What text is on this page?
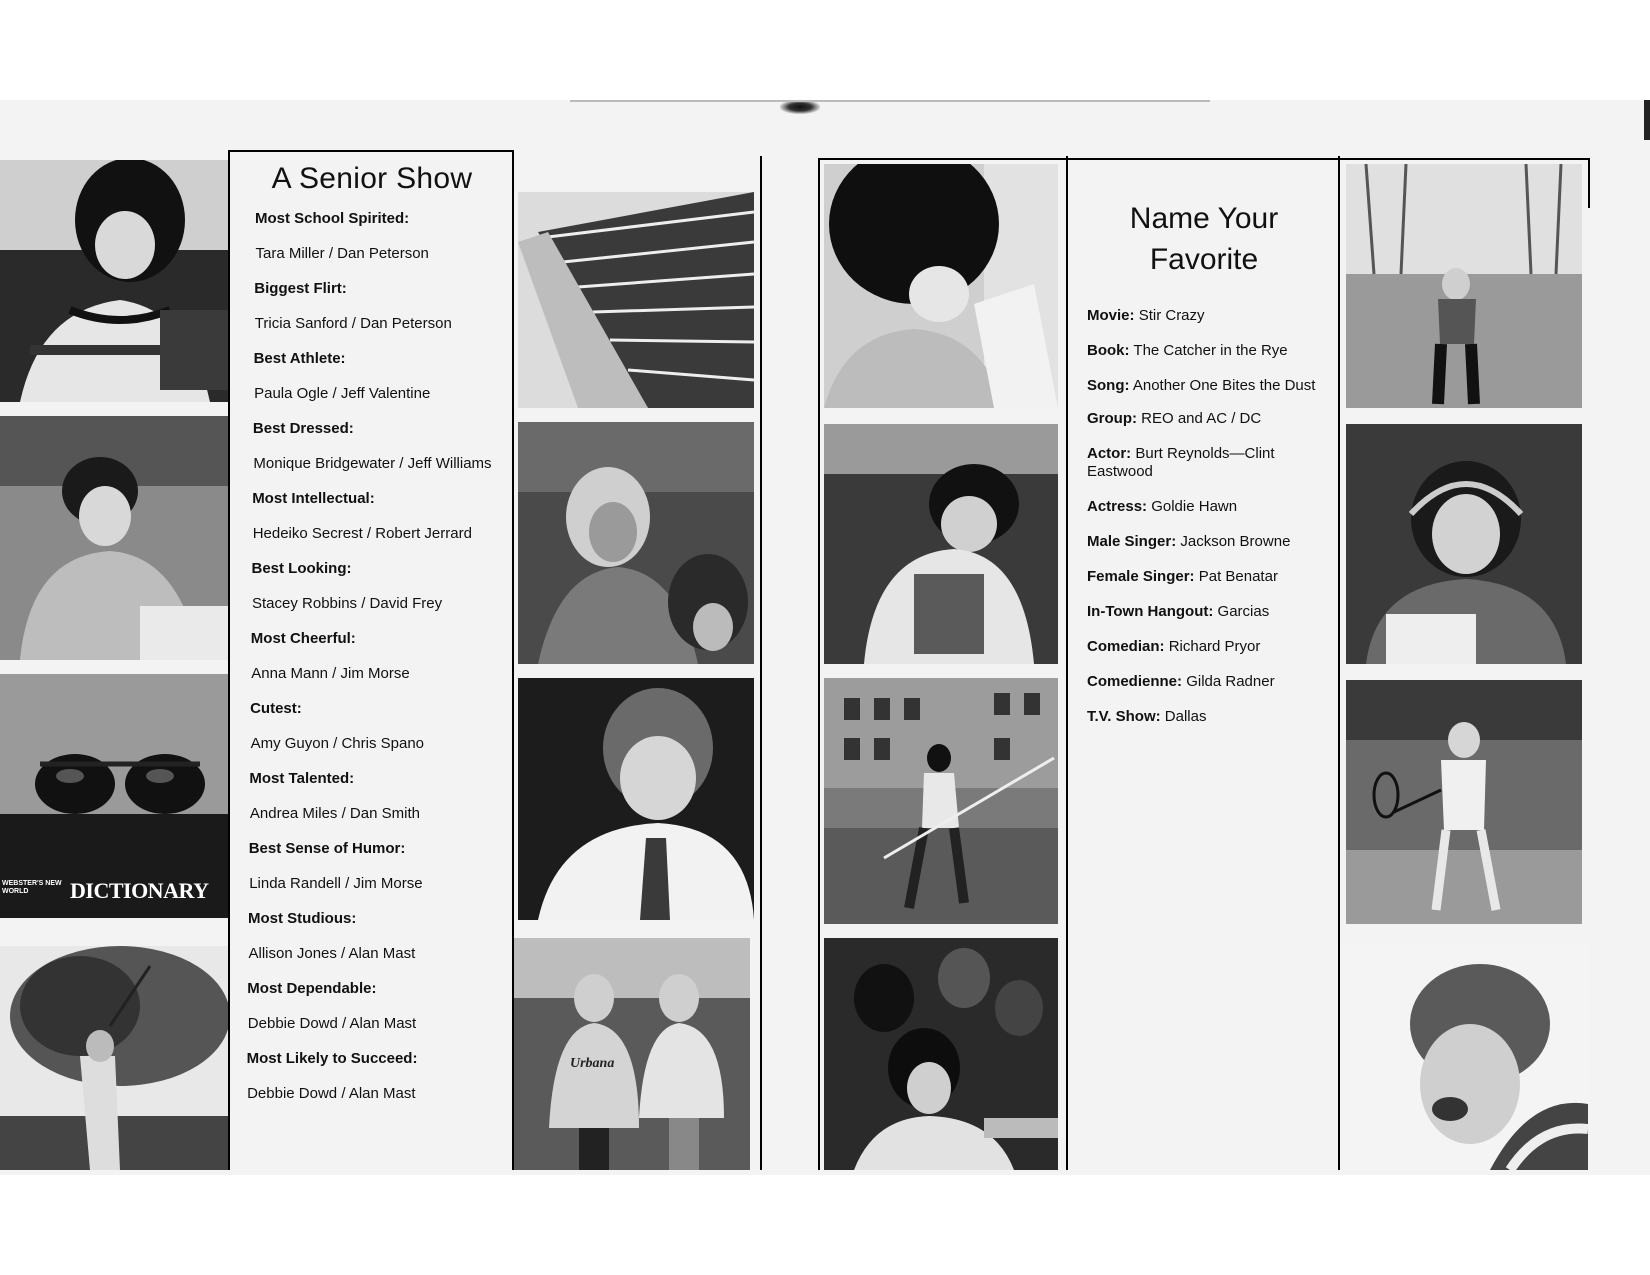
WEBSTER'S NEW WORLD	DICTIONARY
A Senior Show
Most School Spirited:
Tara Miller / Dan Peterson
Biggest Flirt:
Tricia Sanford / Dan Peterson
Best Athlete:
Paula Ogle / Jeff Valentine
Best Dressed:
Monique Bridgewater / Jeff Williams
Most Intellectual:
Hedeiko Secrest / Robert Jerrard
Best Looking:
Stacey Robbins / David Frey
Most Cheerful:
Anna Mann / Jim Morse
Cutest:
Amy Guyon / Chris Spano
Most Talented:
Andrea Miles / Dan Smith
Best Sense of Humor:
Linda Randell / Jim Morse
Most Studious:
Allison Jones / Alan Mast
Most Dependable:
Debbie Dowd / Alan Mast
Most Likely to Succeed:
Debbie Dowd / Alan Mast
Urbana
Name Your
Favorite
Movie: Stir Crazy
Book: The Catcher in the Rye
Song: Another One Bites the Dust
Group: REO and AC / DC
Actor: Burt Reynolds—Clint Eastwood
Actress: Goldie Hawn
Male Singer: Jackson Browne
Female Singer: Pat Benatar
In-Town Hangout: Garcias
Comedian: Richard Pryor
Comedienne: Gilda Radner
T.V. Show: Dallas
